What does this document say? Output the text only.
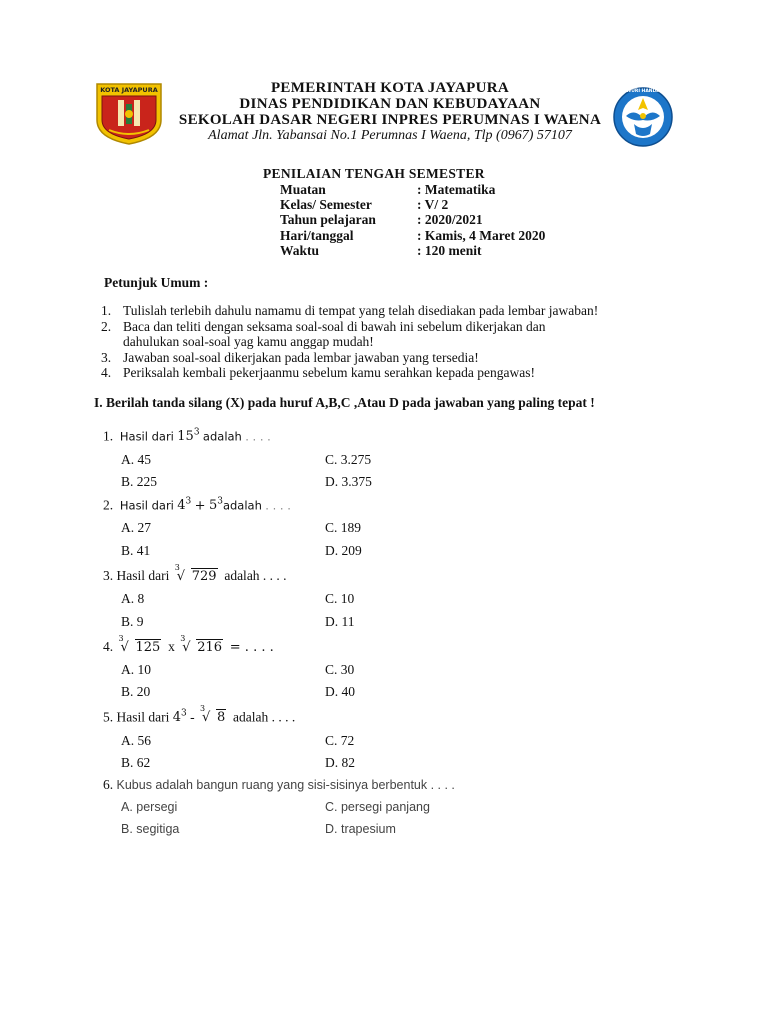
KOTA JAYAPURA	TUT WURI HANDAYANI
PEMERINTAH KOTA JAYAPURA
DINAS PENDIDIKAN DAN KEBUDAYAAN
SEKOLAH DASAR NEGERI INPRES PERUMNAS I WAENA
Alamat Jln. Yabansai No.1 Perumnas I Waena, Tlp (0967) 57107
PENILAIAN TENGAH SEMESTER
Muatan	: Matematika
Kelas/ Semester	: V/ 2
Tahun pelajaran	: 2020/2021
Hari/tanggal	: Kamis, 4 Maret 2020
Waktu	: 120 menit
Petunjuk Umum :
1. Tulislah terlebih dahulu namamu di tempat yang telah disediakan pada lembar jawaban!
2. Baca dan teliti dengan seksama soal-soal di bawah ini sebelum dikerjakan dan dahulukan soal-soal yag kamu anggap mudah!
3. Jawaban soal-soal dikerjakan pada lembar jawaban yang tersedia!
4. Periksalah kembali pekerjaanmu sebelum kamu serahkan kepada pengawas!
I. Berilah tanda silang (X) pada huruf A,B,C ,Atau D pada jawaban yang paling tepat !
1. Hasil dari $15^3$ adalah . . . .
A. 45
B. 225
C. 3.275
D. 3.375
2. Hasil dari $4^3$ + $5^3adalah$ . . . .
A. 27
B. 41
C. 189
D. 209
3. Hasil dari
3
√ 729 adalah . . . .
A. 8
B. 9
C. 10
D. 11
4.
3
√ 125 x
3
√ 216 = . . . .
A. 10
B. 20
C. 30
D. 40
5. Hasil dari $4^3$ -
3
√ 8 adalah . . . .
A. 56
B. 62
C. 72
D. 82
6. Kubus adalah bangun ruang yang sisi-sisinya berbentuk . . . .
A. persegi
B. segitiga
C. persegi panjang
D. trapesium
